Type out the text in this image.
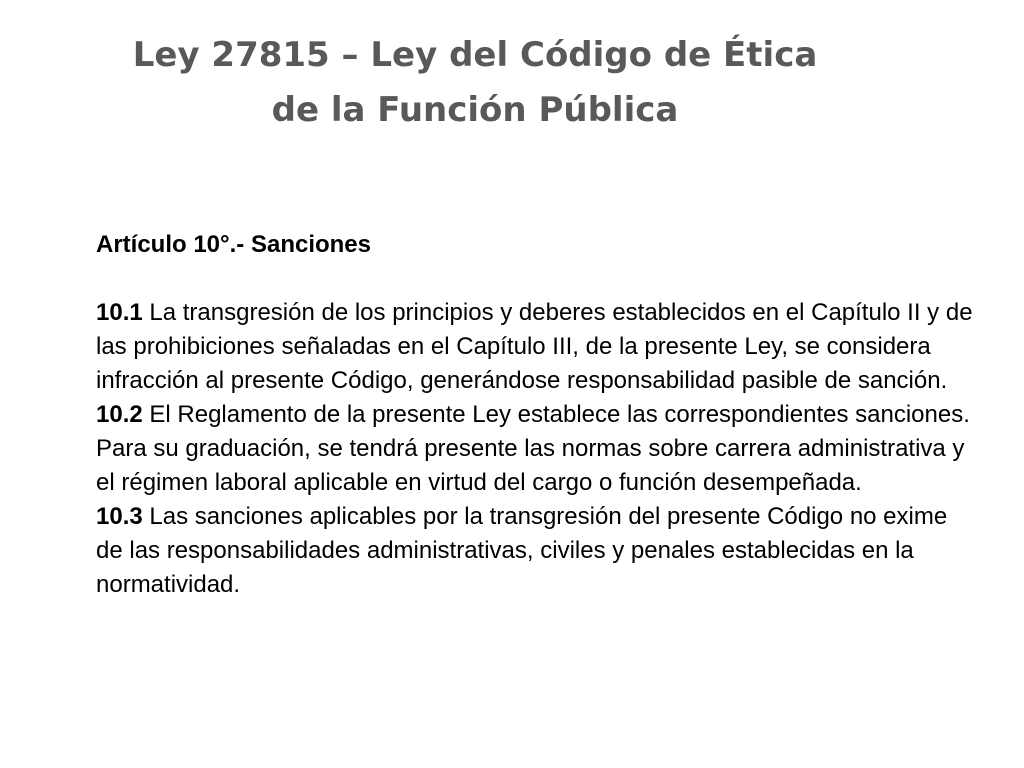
Ley 27815 – Ley del Código de Ética
de la Función Pública

Artículo 10°.- Sanciones

10.1 La transgresión de los principios y deberes establecidos en el Capítulo II y de las prohibiciones señaladas en el Capítulo III, de la presente Ley, se considera infracción al presente Código, generándose responsabilidad pasible de sanción.

10.2 El Reglamento de la presente Ley establece las correspondientes sanciones. Para su graduación, se tendrá presente las normas sobre carrera administrativa y el régimen laboral aplicable en virtud del cargo o función desempeñada.

10.3 Las sanciones aplicables por la transgresión del presente Código no exime de las responsabilidades administrativas, civiles y penales establecidas en la normatividad.
